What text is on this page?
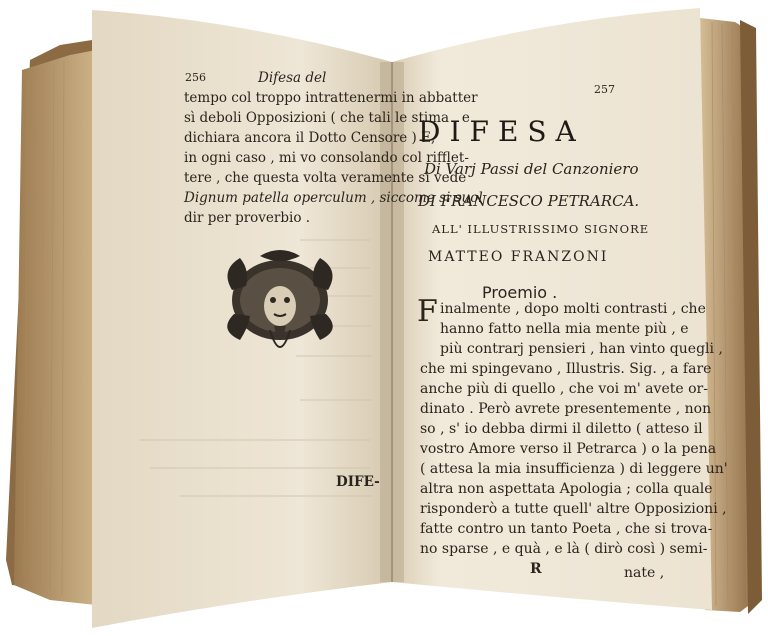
256	Difesa del
tempo col troppo intrattenermi in abbatter
sì deboli Opposizioni ( che tali le stima , e
dichiara ancora il Dotto Censore ) E,
in ogni caso , mi vo consolando col rifflet-
tere , che questa volta veramente si vede
Dignum patella operculum , siccome si suol
dir per proverbio .
DIFE-
257
DIFESA
Di Varj Passi del Canzoniero
DI FRANCESCO PETRARCA.
ALL' ILLUSTRISSIMO SIGNORE
MATTEO FRANZONI
Proemio .
F inalmente , dopo molti contrasti , che
hanno fatto nella mia mente più , e
più contrarj pensieri , han vinto quegli ,
che mi spingevano , Illustris. Sig. , a fare
anche più di quello , che voi m' avete or-
dinato . Però avrete presentemente , non
so , s' io debba dirmi il diletto ( atteso il
vostro Amore verso il Petrarca ) o la pena
( attesa la mia insufficienza ) di leggere un'
altra non aspettata Apologia ; colla quale
risponderò a tutte quell' altre Opposizioni ,
fatte contro un tanto Poeta , che si trova-
no sparse , e quà , e là ( dirò così ) semi-
R	nate ,
